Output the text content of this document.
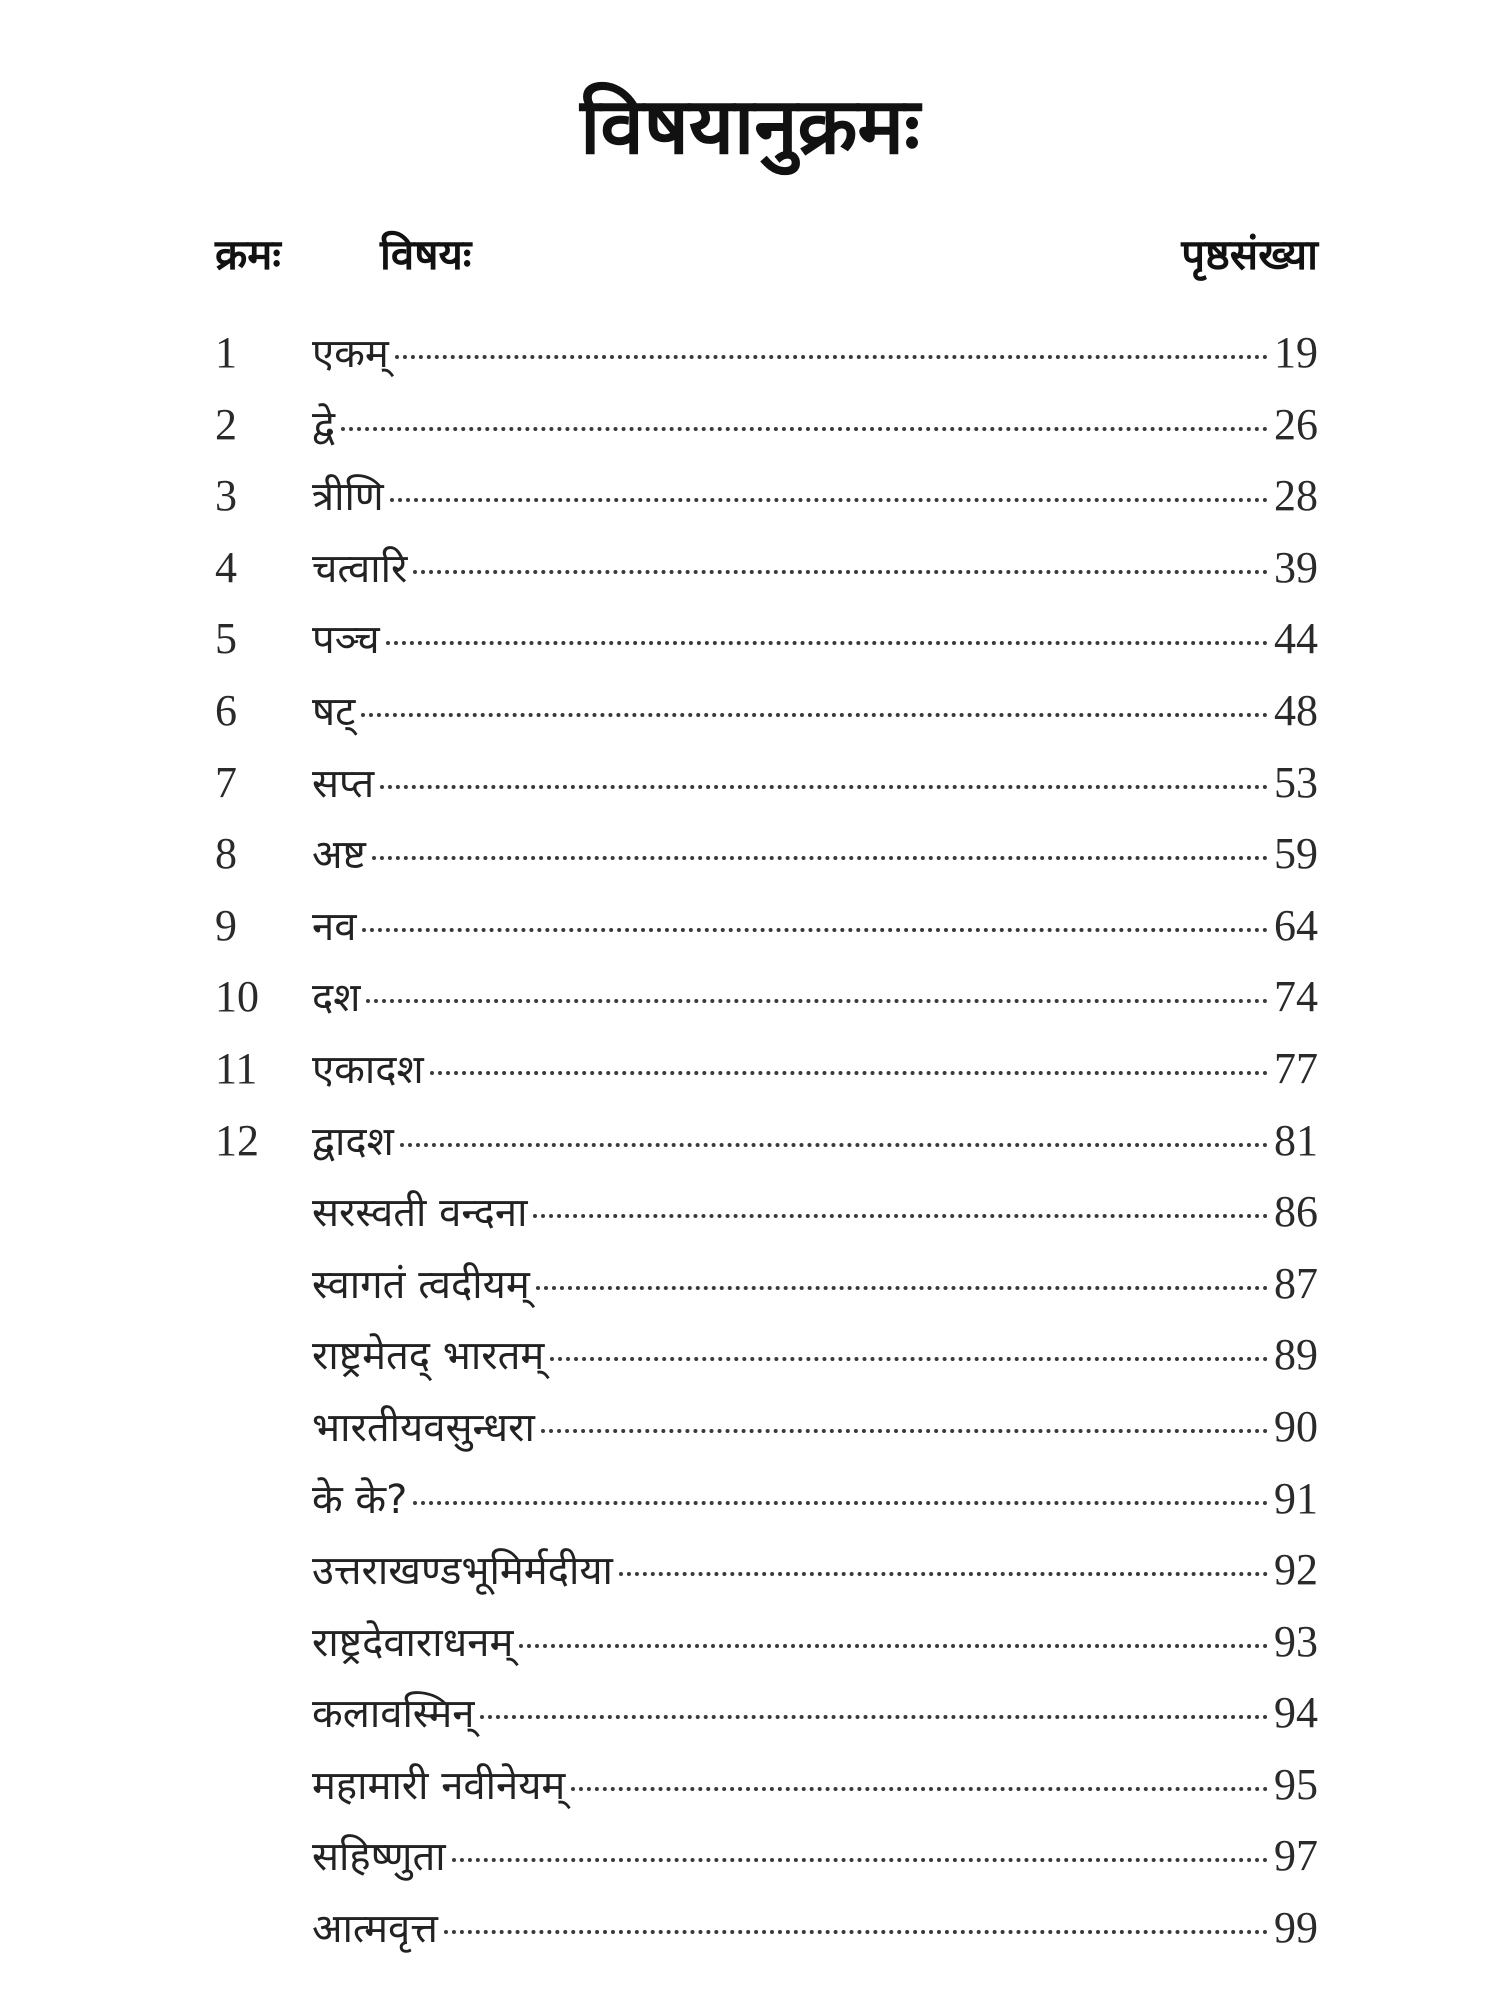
विषयानुक्रमः
क्रमः विषयः	पृष्ठसंख्या
1	एकम्	19
2	द्वे	26
3	त्रीणि	28
4	चत्वारि	39
5	पञ्च	44
6	षट्	48
7	सप्त	53
8	अष्ट	59
9	नव	64
10	दश	74
11	एकादश	77
12	द्वादश	81
सरस्वती वन्दना	86
स्वागतं त्वदीयम्	87
राष्ट्रमेतद् भारतम्	89
भारतीयवसुन्धरा	90
के के?	91
उत्तराखण्डभूमिर्मदीया	92
राष्ट्रदेवाराधनम्	93
कलावस्मिन्	94
महामारी नवीनेयम्	95
सहिष्णुता	97
आत्मवृत्त	99
